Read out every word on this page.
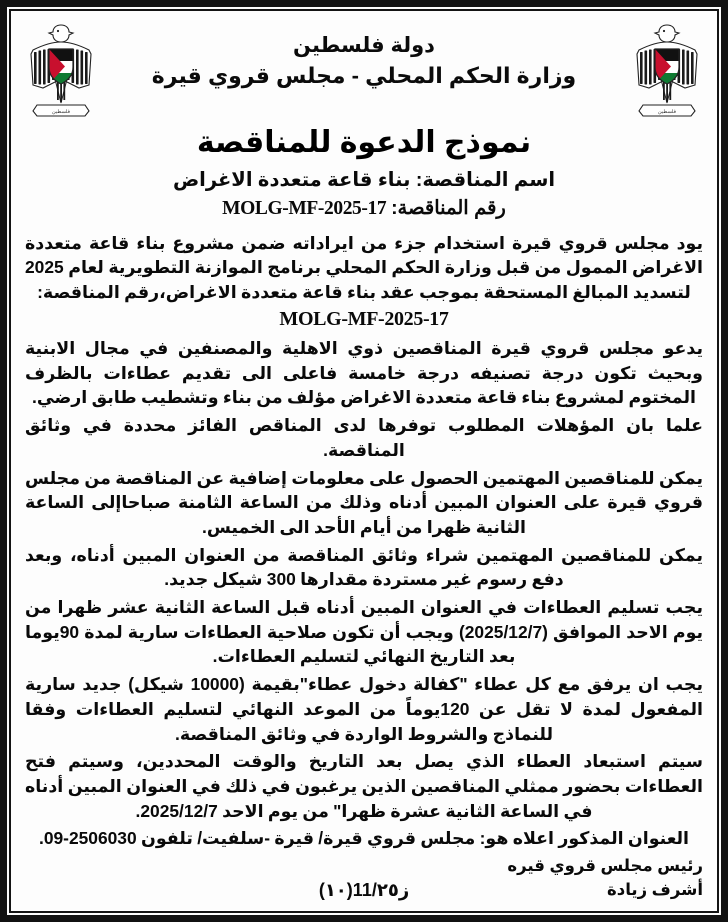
فلسطين
دولة فلسطين
وزارة الحكم المحلي - مجلس قروي قيرة
فلسطين
نموذج الدعوة للمناقصة
اسم المناقصة: بناء قاعة متعددة الاغراض
رقم المناقصة: MOLG-MF-2025-17

يود مجلس قروي قيرة استخدام جزء من ايراداته ضمن مشروع بناء قاعة متعددة الاغراض الممول من قبل وزارة الحكم المحلي برنامج الموازنة التطويرية لعام 2025 لتسديد المبالغ المستحقة بموجب عقد بناء قاعة متعددة الاغراض،رقم المناقصة:
MOLG-MF-2025-17

يدعو مجلس قروي قيرة المناقصين ذوي الاهلية والمصنفين في مجال الابنية وبحيث تكون درجة تصنيفه درجة خامسة فاعلى الى تقديم عطاءات بالظرف المختوم لمشروع بناء قاعة متعددة الاغراض مؤلف من بناء وتشطيب طابق ارضي.

علما بان المؤهلات المطلوب توفرها لدى المناقص الفائز محددة في وثائق المناقصة.

يمكن للمناقصين المهتمين الحصول على معلومات إضافية عن المناقصة من مجلس قروي قيرة على العنوان المبين أدناه وذلك من الساعة الثامنة صباحاإلى الساعة الثانية ظهرا من أيام الأحد الى الخميس.

يمكن للمناقصين المهتمين شراء وثائق المناقصة من العنوان المبين أدناه، وبعد دفع رسوم غير مستردة مقدارها 300 شيكل جديد.

يجب تسليم العطاءات في العنوان المبين أدناه قبل الساعة الثانية عشر ظهرا من يوم الاحد الموافق (2025/12/7) ويجب أن تكون صلاحية العطاءات سارية لمدة 90يوما بعد التاريخ النهائي لتسليم العطاءات.

يجب ان يرفق مع كل عطاء "كفالة دخول عطاء"بقيمة (10000 شيكل) جديد سارية المفعول لمدة لا تقل عن 120يوماً من الموعد النهائي لتسليم العطاءات وفقا للنماذج والشروط الواردة في وثائق المناقصة.

سيتم استبعاد العطاء الذي يصل بعد التاريخ والوقت المحددين، وسيتم فتح العطاءات بحضور ممثلي المناقصين الذين يرغبون في ذلك في العنوان المبين أدناه في الساعة الثانية عشرة ظهرا" من يوم الاحد 2025/12/7.

العنوان المذكور اعلاه هو: مجلس قروي قيرة/ قيرة -سلفيت/ تلفون 2506030-09.

رئيس مجلس قروي قيره
أشرف زيادة
ز11/٢٥(١٠)
